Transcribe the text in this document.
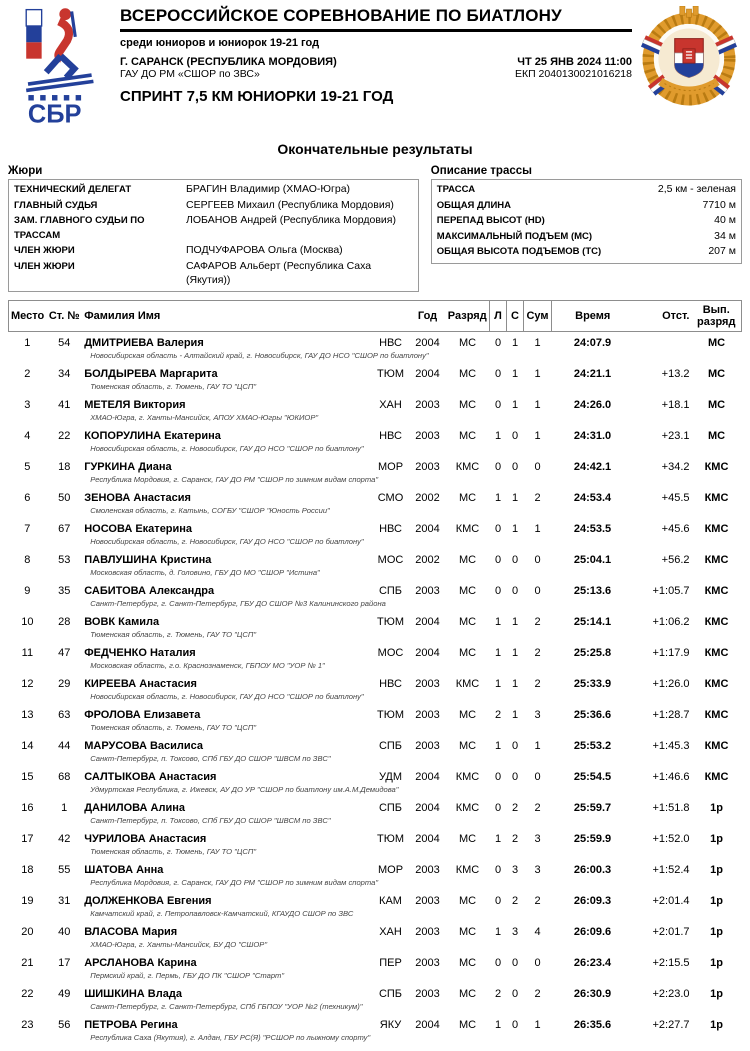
СБР
ВСЕРОССИЙСКОЕ СОРЕВНОВАНИЕ ПО БИАТЛОНУ
среди юниоров и юниорок 19-21 год
Г. САРАНСК (РЕСПУБЛИКА МОРДОВИЯ)
ГАУ ДО РМ «СШОР по ЗВС»
ЧТ 25 ЯНВ 2024 11:00
ЕКП 2040130021016218
СПРИНТ 7,5 КМ ЮНИОРКИ 19-21 ГОД
Окончательные результаты
Жюри
ТЕХНИЧЕСКИЙ ДЕЛЕГАТ	БРАГИН Владимир (ХМАО-Югра)
ГЛАВНЫЙ СУДЬЯ	СЕРГЕЕВ Михаил (Республика Мордовия)
ЗАМ. ГЛАВНОГО СУДЬИ ПО ТРАССАМ
ЛОБАНОВ Андрей (Республика Мордовия)
ЧЛЕН ЖЮРИ	ПОДЧУФАРОВА Ольга (Москва)
ЧЛЕН ЖЮРИ	САФАРОВ Альберт (Республика Саха (Якутия))
Описание трассы
ТРАССА	2,5 км - зеленая
ОБЩАЯ ДЛИНА	7710 м
ПЕРЕПАД ВЫСОТ (HD)	40 м
МАКСИМАЛЬНЫЙ ПОДЪЕМ (МС)	34 м
ОБЩАЯ ВЫСОТА ПОДЪЕМОВ (ТС)	207 м
Место	Ст. №	Фамилия Имя		Год	Разряд	Л	С	Сум	Время	Отст.	Вып. разряд
1	54	ДМИТРИЕВА Валерия	НВС	2004	МС	0	1	1	24:07.9		МС
		Новосибирская область - Алтайский край, г. Новосибирск, ГАУ ДО НСО "СШОР по биатлону"									
2	34	БОЛДЫРЕВА Маргарита	ТЮМ	2004	МС	0	1	1	24:21.1	+13.2	МС
		Тюменская область, г. Тюмень, ГАУ ТО "ЦСП"									
3	41	МЕТЕЛЯ Виктория	ХАН	2003	МС	0	1	1	24:26.0	+18.1	МС
		ХМАО-Югра, г. Ханты-Мансийск, АПОУ ХМАО-Югры "ЮКИОР"									
4	22	КОПОРУЛИНА Екатерина	НВС	2003	МС	1	0	1	24:31.0	+23.1	МС
		Новосибирская область, г. Новосибирск, ГАУ ДО НСО "СШОР по биатлону"									
5	18	ГУРКИНА Диана	МОР	2003	КМС	0	0	0	24:42.1	+34.2	КМС
		Республика Мордовия, г. Саранск, ГАУ ДО РМ "СШОР по зимним видам спорта"									
6	50	ЗЕНОВА Анастасия	СМО	2002	МС	1	1	2	24:53.4	+45.5	КМС
		Смоленская область, г. Катынь, СОГБУ "СШОР "Юность России"									
7	67	НОСОВА Екатерина	НВС	2004	КМС	0	1	1	24:53.5	+45.6	КМС
		Новосибирская область, г. Новосибирск, ГАУ ДО НСО "СШОР по биатлону"									
8	53	ПАВЛУШИНА Кристина	МОС	2002	МС	0	0	0	25:04.1	+56.2	КМС
		Московская область, д. Головино, ГБУ ДО МО "СШОР "Истина"									
9	35	САБИТОВА Александра	СПБ	2003	МС	0	0	0	25:13.6	+1:05.7	КМС
		Санкт-Петербург, г. Санкт-Петербург, ГБУ ДО СШОР №3 Калининского района									
10	28	ВОВК Камила	ТЮМ	2004	МС	1	1	2	25:14.1	+1:06.2	КМС
		Тюменская область, г. Тюмень, ГАУ ТО "ЦСП"									
11	47	ФЕДЧЕНКО Наталия	МОС	2004	МС	1	1	2	25:25.8	+1:17.9	КМС
		Московская область, г.о. Краснознаменск, ГБПОУ МО "УОР № 1"									
12	29	КИРЕЕВА Анастасия	НВС	2003	КМС	1	1	2	25:33.9	+1:26.0	КМС
		Новосибирская область, г. Новосибирск, ГАУ ДО НСО "СШОР по биатлону"									
13	63	ФРОЛОВА Елизавета	ТЮМ	2003	МС	2	1	3	25:36.6	+1:28.7	КМС
		Тюменская область, г. Тюмень, ГАУ ТО "ЦСП"									
14	44	МАРУСОВА Василиса	СПБ	2003	МС	1	0	1	25:53.2	+1:45.3	КМС
		Санкт-Петербург, п. Токсово, СПб ГБУ ДО СШОР "ШВСМ по ЗВС"									
15	68	САЛТЫКОВА Анастасия	УДМ	2004	КМС	0	0	0	25:54.5	+1:46.6	КМС
		Удмуртская Республика, г. Ижевск, АУ ДО УР "СШОР по биатлону им.А.М.Демидова"									
16	1	ДАНИЛОВА Алина	СПБ	2004	КМС	0	2	2	25:59.7	+1:51.8	1р
		Санкт-Петербург, п. Токсово, СПб ГБУ ДО СШОР "ШВСМ по ЗВС"									
17	42	ЧУРИЛОВА Анастасия	ТЮМ	2004	МС	1	2	3	25:59.9	+1:52.0	1р
		Тюменская область, г. Тюмень, ГАУ ТО "ЦСП"									
18	55	ШАТОВА Анна	МОР	2003	КМС	0	3	3	26:00.3	+1:52.4	1р
		Республика Мордовия, г. Саранск, ГАУ ДО РМ "СШОР по зимним видам спорта"									
19	31	ДОЛЖЕНКОВА Евгения	КАМ	2003	МС	0	2	2	26:09.3	+2:01.4	1р
		Камчатский край, г. Петропавловск-Камчатский, КГАУДО СШОР по ЗВС									
20	40	ВЛАСОВА Мария	ХАН	2003	МС	1	3	4	26:09.6	+2:01.7	1р
		ХМАО-Югра, г. Ханты-Мансийск, БУ ДО "СШОР"									
21	17	АРСЛАНОВА Карина	ПЕР	2003	МС	0	0	0	26:23.4	+2:15.5	1р
		Пермский край, г. Пермь, ГБУ ДО ПК "СШОР "Старт"									
22	49	ШИШКИНА Влада	СПБ	2003	МС	2	0	2	26:30.9	+2:23.0	1р
		Санкт-Петербург, г. Санкт-Петербург, СПб ГБПОУ "УОР №2 (техникум)"									
23	56	ПЕТРОВА Регина	ЯКУ	2004	МС	1	0	1	26:35.6	+2:27.7	1р
		Республика Саха (Якутия), г. Алдан, ГБУ РС(Я) "РСШОР по лыжному спорту"									
